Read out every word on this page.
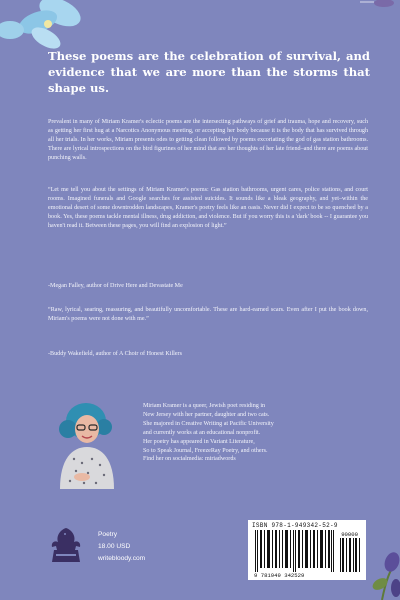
These poems are the celebration of survival, and evidence that we are more than the storms that shape us.
Prevalent in many of Miriam Kramer's eclectic poems are the intersecting pathways of grief and trauma, hope and recovery, such as getting her first hug at a Narcotics Anonymous meeting, or accepting her body because it is the body that has survived through all her trials. In her works, Miriam presents odes to getting clean followed by poems excoriating the god of gas station bathrooms. There are lyrical introspections on the bird figurines of her mind that are her thoughts of her late friend–and there are poems about punching walls.
“Let me tell you about the settings of Miriam Kramer's poems: Gas station bathrooms, urgent cares, police stations, and court rooms. Imagined funerals and Google searches for assisted suicides. It sounds like a bleak geography, and yet–within the emotional desert of some downtrodden landscapes, Kramer's poetry feels like an oasis. Never did I expect to be so quenched by a book. Yes, these poems tackle mental illness, drug addiction, and violence. But if you worry this is a 'dark' book -- I guarantee you haven't read it. Between these pages, you will find an explosion of light.”
-Megan Falley, author of Drive Here and Devastate Me
“Raw, lyrical, searing, reassuring, and beautifully uncomfortable. These are hard-earned scars. Even after I put the book down, Miriam's poems were not done with me.”
-Buddy Wakefield, author of A Choir of Honest Killers
Miriam Kramer is a queer, Jewish poet residing in
New Jersey with her partner, daughter and two cats.
She majored in Creative Writing at Pacific University
and currently works at an educational nonprofit.
Her poetry has appeared in Variant Literature,
So to Speak Journal, FreezeRay Poetry, and others.
Find her on socialmedia: miriadwords
Poetry
18.00 USD
writebloody.com
ISBN 978-1-949342-52-9
90000
9 781949 342529
